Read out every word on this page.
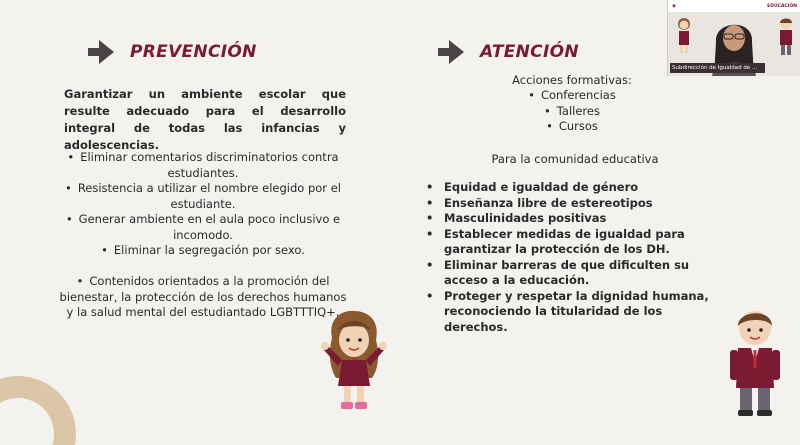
PREVENCIÓN
Garantizar un ambiente escolar que resulte adecuado para el desarrollo integral de todas las infancias y adolescencias.
• Eliminar comentarios discriminatorios contra estudiantes.
• Resistencia a utilizar el nombre elegido por el estudiante.
• Generar ambiente en el aula poco inclusivo e incomodo.
• Eliminar la segregación por sexo.
• Contenidos orientados a la promoción del bienestar, la protección de los derechos humanos y la salud mental del estudiantado LGBTTTIQ+.
ATENCIÓN
Acciones formativas:
• Conferencias
• Talleres
• Cursos
Para la comunidad educativa
• Equidad e igualdad de género
• Enseñanza libre de estereotipos
• Masculinidades positivas
• Establecer medidas de igualdad para garantizar la protección de los DH.
• Eliminar barreras de que dificulten su acceso a la educación.
• Proteger y respetar la dignidad humana, reconociendo la titularidad de los derechos.
◉	EDUCACIÓN
Subdirección de Igualdad de ...
